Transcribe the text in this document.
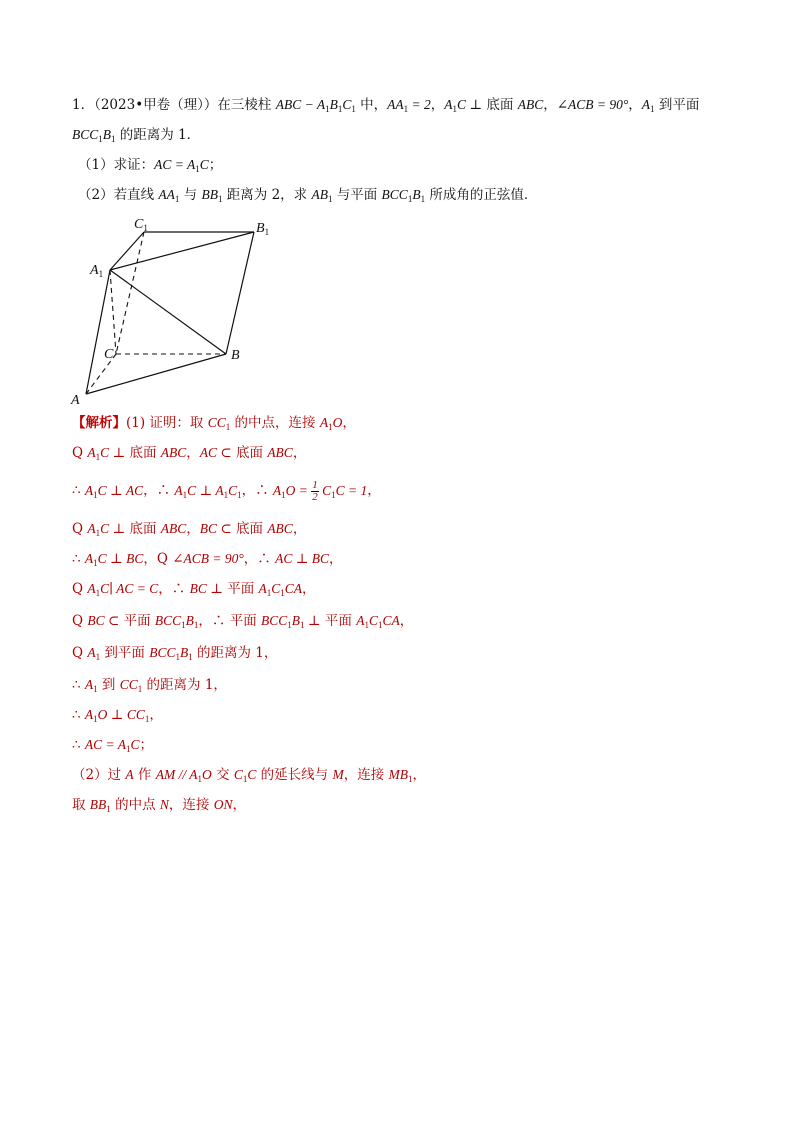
1．（2023•甲卷（理））在三棱柱 ABC − $A_1B_1C_1$ 中，$AA_1 = 2$，$A_1C$ ⊥ 底面 ABC，∠ACB = 90°，$A_1$ 到平面
$BCC_1B_1$ 的距离为 1．
（1）求证：AC = $A_1C$；
（2）若直线 $AA_1$ 与 $BB_1$ 距离为 2，求 $AB_1$ 与平面 $BCC_1B_1$ 所成角的正弦值．
$C_1$	$B_1$
$A_1$
C	B
A
【解析】(1) 证明：取 $CC_1$ 的中点，连接 $A_1O$，
Q $A_1C$ ⊥ 底面 ABC，AC ⊂ 底面 ABC，
∴ $A_1C$ ⊥ AC，∴ $A_1C$ ⊥ $A_1C_1$，∴ $A_1O = \frac{1}{2} C_1C = 1$，
Q $A_1C$ ⊥ 底面 ABC，BC ⊂ 底面 ABC，
∴ $A_1C$ ⊥ BC，Q ∠ACB = 90°，∴ AC ⊥ BC，
Q $A_1C∣$ AC = C，∴ BC ⊥ 平面 $A_1C_1CA$，
Q BC ⊂ 平面 $BCC_1B_1$，∴ 平面 $BCC_1B_1$ ⊥ 平面 $A_1C_1CA$，
Q $A_1$ 到平面 $BCC_1B_1$ 的距离为 1，
∴ $A_1$ 到 $CC_1$ 的距离为 1，
∴ $A_1O$ ⊥ $CC_1$，
∴ AC = $A_1C$；
（2）过 A 作 AM // $A_1O$ 交 $C_1C$ 的延长线与 M，连接 $MB_1$，
取 $BB_1$ 的中点 N，连接 ON，
